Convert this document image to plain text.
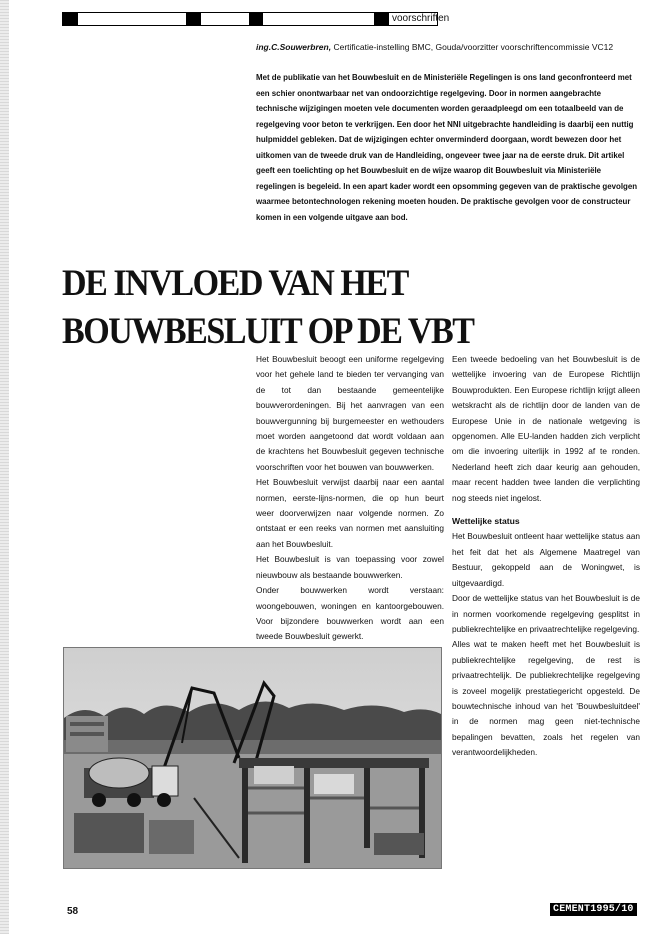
voorschriften
ing.C.Souwerbren, Certificatie-instelling BMC, Gouda/voorzitter voorschriftencommissie VC12

Met de publikatie van het Bouwbesluit en de Ministeriële Regelingen is ons land geconfronteerd met een schier onontwarbaar net van ondoorzichtige regelgeving. Door in normen aangebrachte technische wijzigingen moeten vele documenten worden geraadpleegd om een totaalbeeld van de regelgeving voor beton te verkrijgen. Een door het NNI uitgebrachte handleiding is daarbij een nuttig hulpmiddel gebleken. Dat de wijzigingen echter onverminderd doorgaan, wordt bewezen door het uitkomen van de tweede druk van de Handleiding, ongeveer twee jaar na de eerste druk. Dit artikel geeft een toelichting op het Bouwbesluit en de wijze waarop dit Bouwbesluit via Ministeriële regelingen is begeleid. In een apart kader wordt een opsomming gegeven van de praktische gevolgen waarmee betontechnologen rekening moeten houden. De praktische gevolgen voor de constructeur komen in een volgende uitgave aan bod.

DE INVLOED VAN HET BOUWBESLUIT OP DE VBT
Het Bouwbesluit beoogt een uniforme regelgeving voor het gehele land te bieden ter vervanging van de tot dan bestaande gemeentelijke bouwverordeningen. Bij het aanvragen van een bouwvergunning bij burgemeester en wethouders moet worden aangetoond dat wordt voldaan aan de krachtens het Bouwbesluit gegeven technische voorschriften voor het bouwen van bouwwerken.
Het Bouwbesluit verwijst daarbij naar een aantal normen, eerste-lijns-normen, die op hun beurt weer doorverwijzen naar volgende normen. Zo ontstaat er een reeks van normen met aansluiting aan het Bouwbesluit.
Het Bouwbesluit is van toepassing voor zowel nieuwbouw als bestaande bouwwerken.
Onder bouwwerken wordt verstaan: woongebouwen, woningen en kantoorgebouwen. Voor bijzondere bouwwerken wordt aan een tweede Bouwbesluit gewerkt.
Een tweede bedoeling van het Bouwbesluit is de wettelijke invoering van de Europese Richtlijn Bouwprodukten. Een Europese richtlijn krijgt alleen wetskracht als de richtlijn door de landen van de Europese Unie in de nationale wetgeving is opgenomen. Alle EU-landen hadden zich verplicht om die invoering uiterlijk in 1992 af te ronden. Nederland heeft zich daar keurig aan gehouden, maar recent hadden twee landen die verplichting nog steeds niet ingelost.
Wettelijke status
Het Bouwbesluit ontleent haar wettelijke status aan het feit dat het als Algemene Maatregel van Bestuur, gekoppeld aan de Woningwet, is uitgevaardigd.
Door de wettelijke status van het Bouwbesluit is de in normen voorkomende regelgeving gesplitst in publiekrechtelijke en privaatrechtelijke regelgeving.
Alles wat te maken heeft met het Bouwbesluit is publiekrechtelijke regelgeving, de rest is privaatrechtelijk. De publiekrechtelijke regelgeving is zoveel mogelijk prestatiegericht opgesteld. De bouwtechnische inhoud van het 'Bouwbesluitdeel' in de normen mag geen niet-technische bepalingen bevatten, zoals het regelen van verantwoordelijkheden.
58	CEMENT1995/10
